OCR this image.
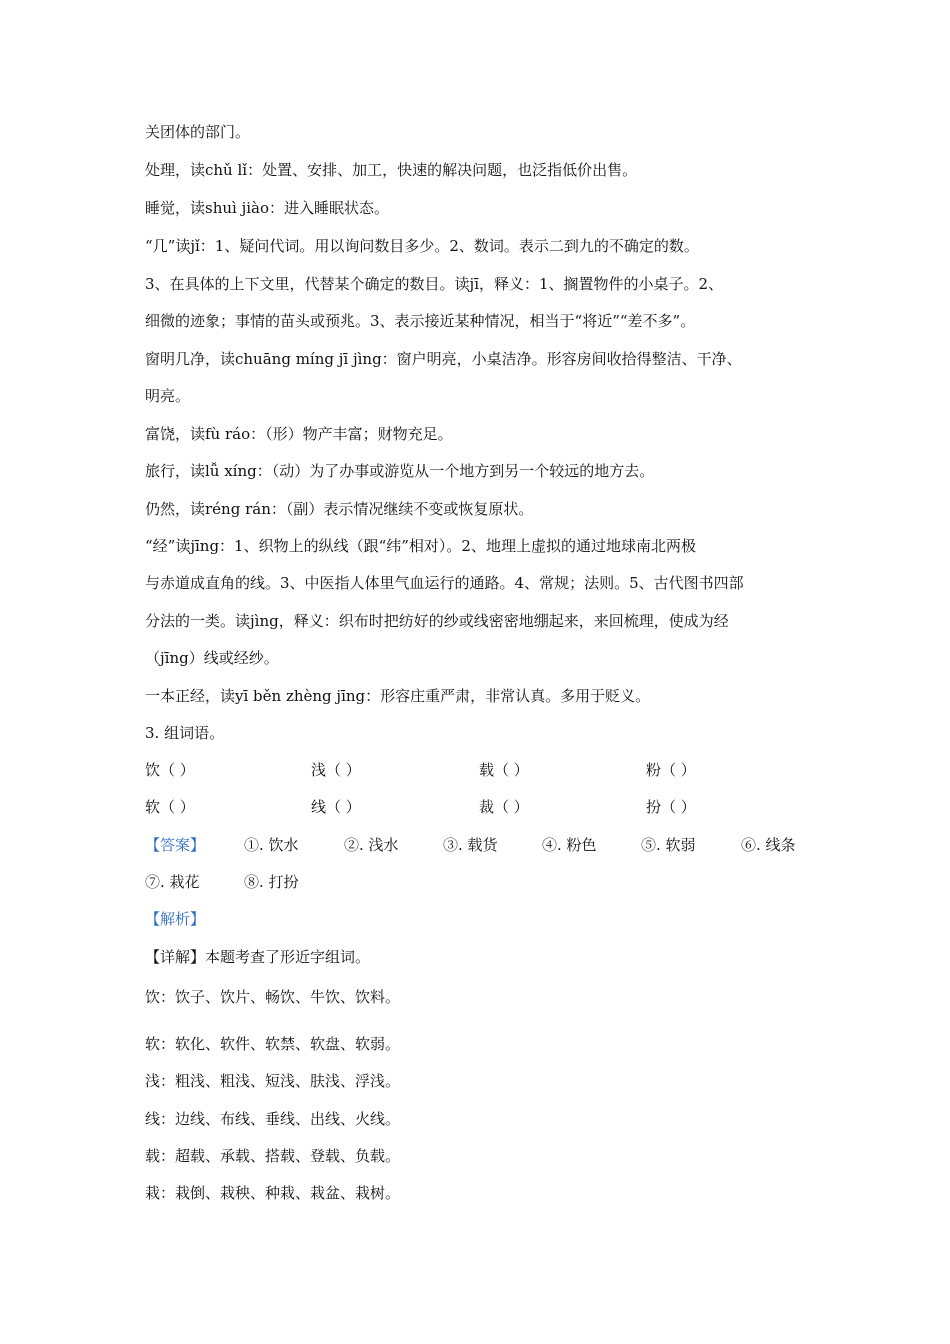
关团体的部门。
处理，读chǔ lǐ：处置、安排、加工，快速的解决问题，也泛指低价出售。
睡觉，读shuì jiào：进入睡眠状态。
“几”读jǐ：1、疑问代词。用以询问数目多少。2、数词。表示二到九的不确定的数。
3、在具体的上下文里，代替某个确定的数目。读jī，释义：1、搁置物件的小桌子。2、
细微的迹象；事情的苗头或预兆。3、表示接近某种情况，相当于“将近”“差不多”。
窗明几净，读chuāng míng jī jìng：窗户明亮，小桌洁净。形容房间收拾得整洁、干净、
明亮。
富饶，读fù ráo：（形）物产丰富；财物充足。
旅行，读lǚ xíng：（动）为了办事或游览从一个地方到另一个较远的地方去。
仍然，读réng rán：（副）表示情况继续不变或恢复原状。
“经”读jīng：1、织物上的纵线（跟“纬”相对）。2、地理上虚拟的通过地球南北两极
与赤道成直角的线。3、中医指人体里气血运行的通路。4、常规；法则。5、古代图书四部
分法的一类。读jìng，释义：织布时把纺好的纱或线密密地绷起来，来回梳理，使成为经
（jīng）线或经纱。
一本正经，读yī běn zhèng jīng：形容庄重严肃，非常认真。多用于贬义。
3. 组词语。
饮（ ）	浅（ ）	载（ ）	粉（ ）
软（ ）	线（ ）	裁（ ）	扮（ ）
【答案】	①. 饮水	②. 浅水	③. 载货	④. 粉色	⑤. 软弱	⑥. 线条
⑦. 栽花	⑧. 打扮
【解析】
【详解】本题考查了形近字组词。
饮：饮子、饮片、畅饮、牛饮、饮料。
软：软化、软件、软禁、软盘、软弱。
浅：粗浅、粗浅、短浅、肤浅、浮浅。
线：边线、布线、垂线、出线、火线。
载：超载、承载、搭载、登载、负载。
栽：栽倒、栽秧、种栽、栽盆、栽树。
